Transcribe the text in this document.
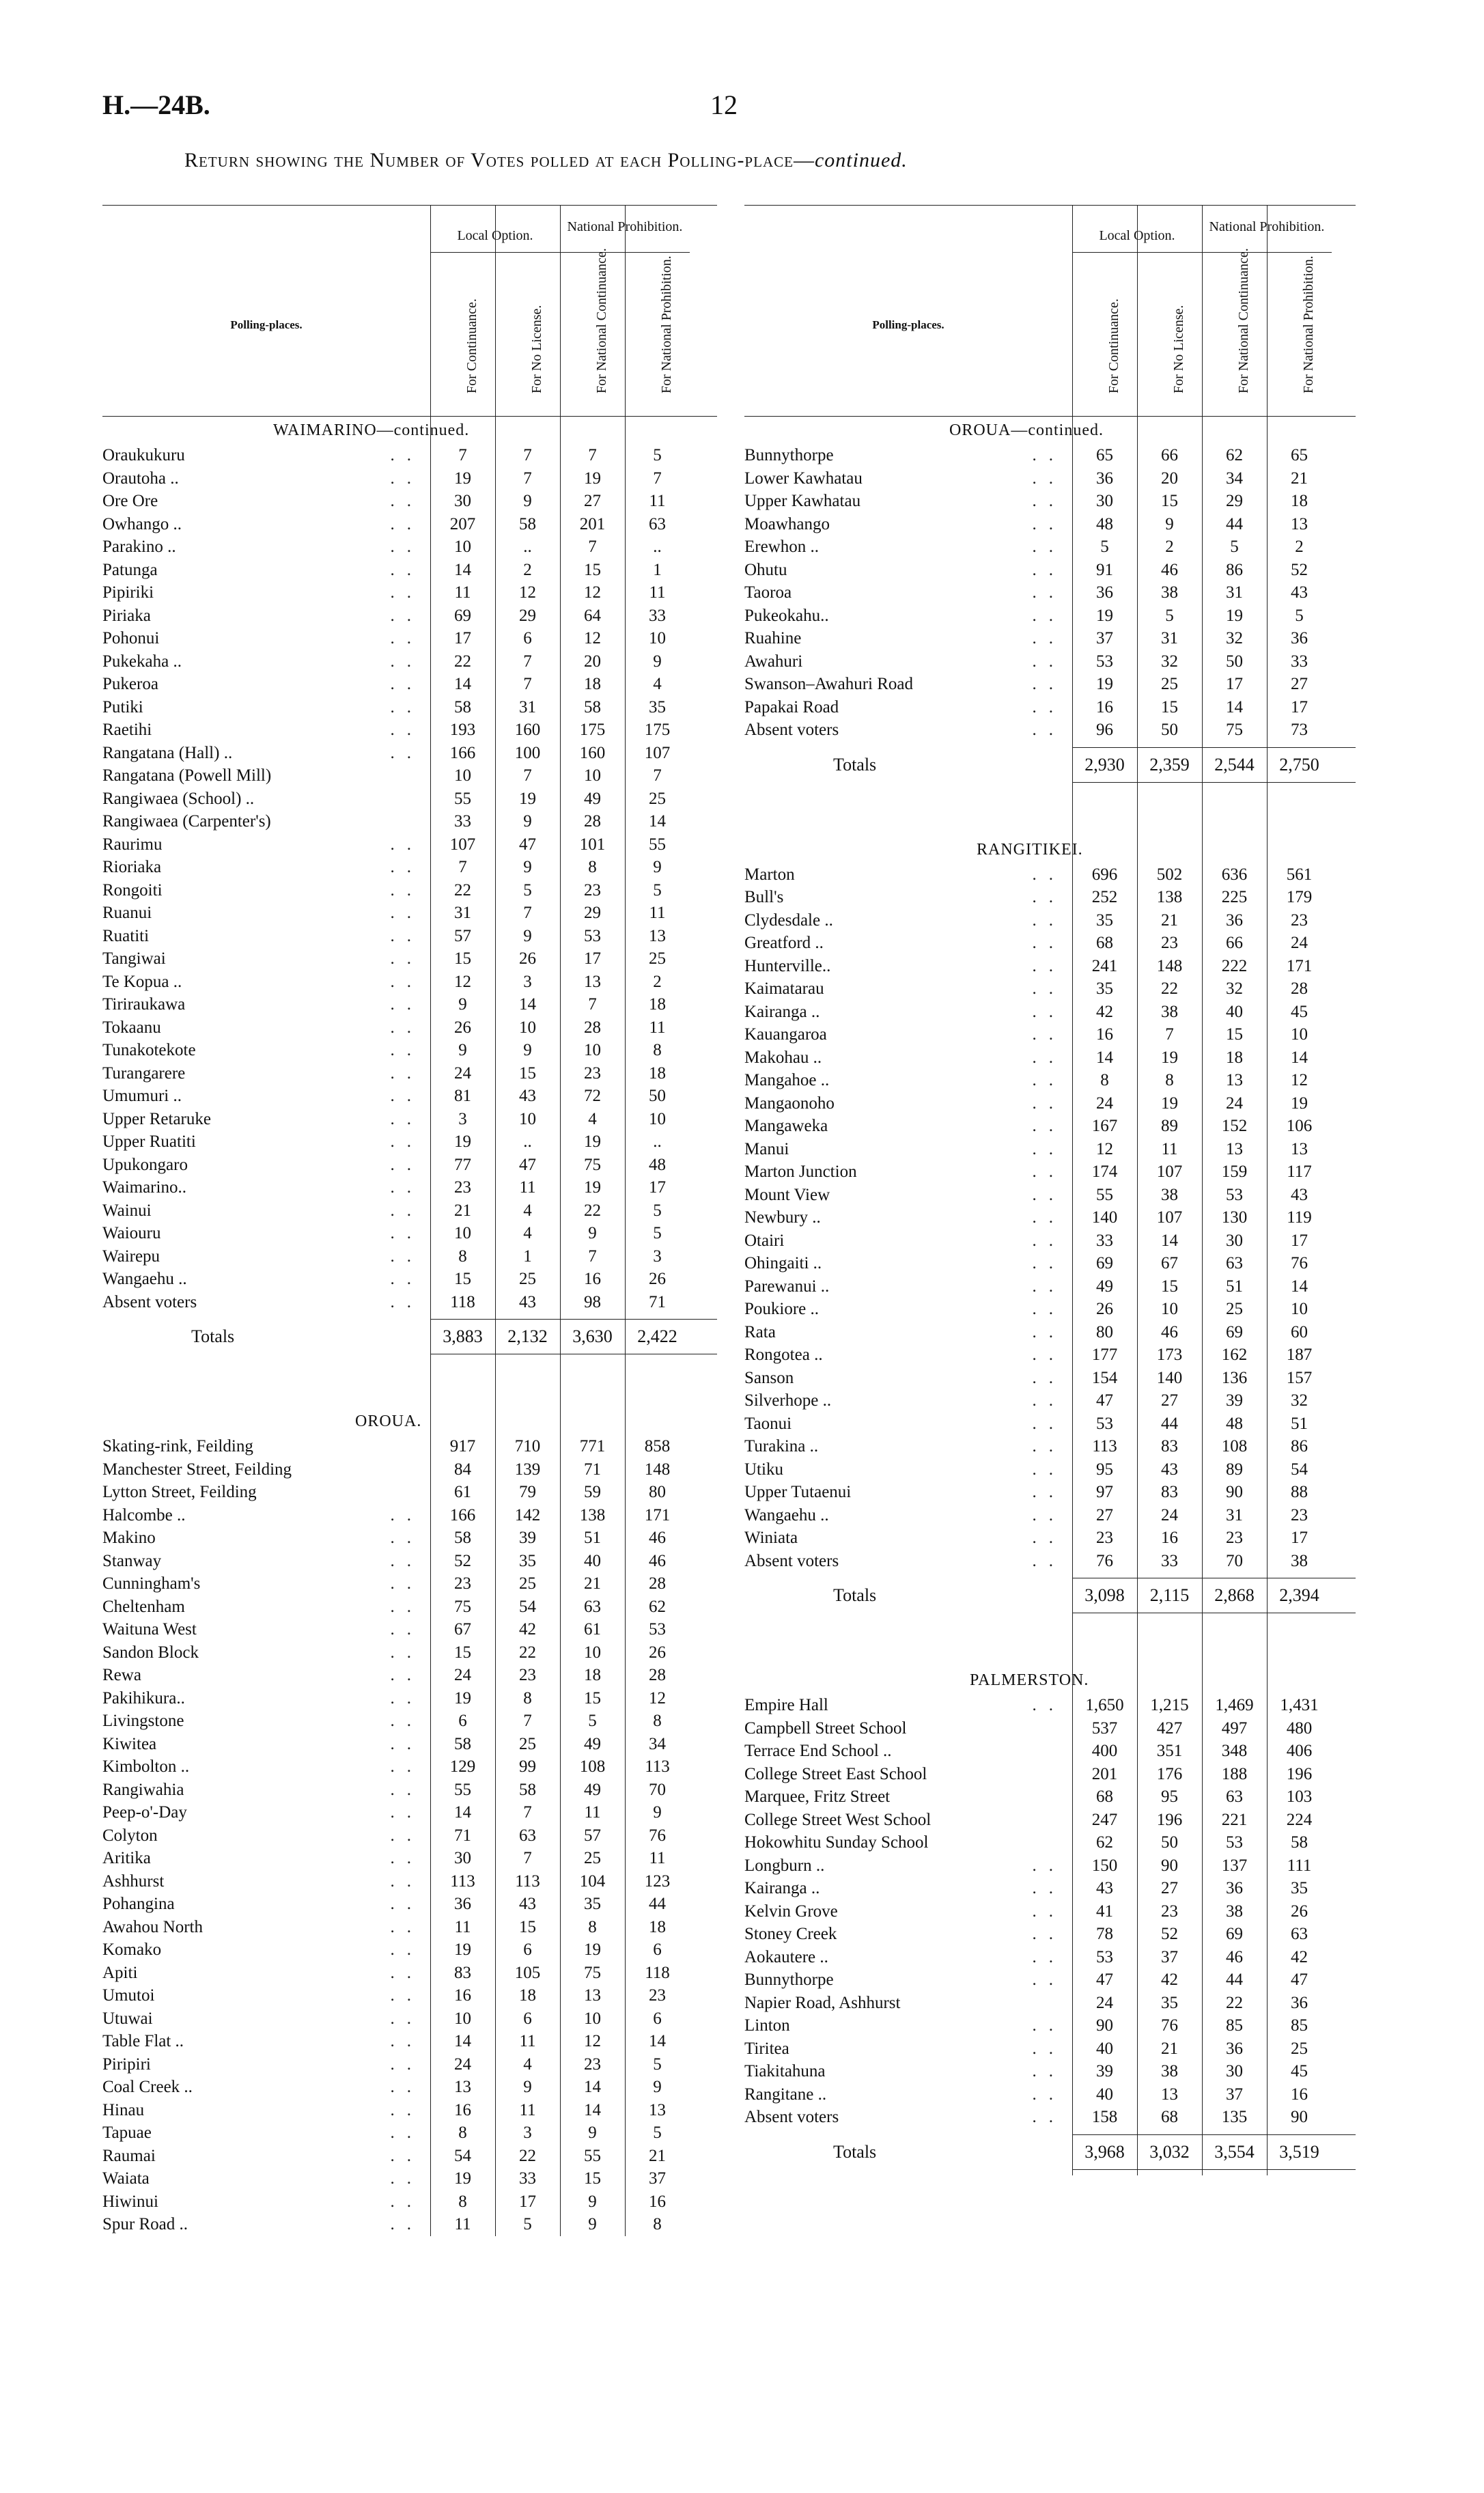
H.—24B.	12
Return showing the Number of Votes polled at each Polling-place—continued.
Polling-places.
Local Option.
National Prohibition.
For Continuance.	For No License.	For National Continuance.	For National Prohibition.
WAIMARINO—continued.
Oraukukuru	..	7	7	7	5
Orautoha ..	..	19	7	19	7
Ore Ore	..	30	9	27	11
Owhango ..	..	207	58	201	63
Parakino ..	..	10	..	7	..
Patunga	..	14	2	15	1
Pipiriki	..	11	12	12	11
Piriaka	..	69	29	64	33
Pohonui	..	17	6	12	10
Pukekaha ..	..	22	7	20	9
Pukeroa	..	14	7	18	4
Putiki	..	58	31	58	35
Raetihi	..	193	160	175	175
Rangatana (Hall) ..	..	166	100	160	107
Rangatana (Powell Mill)	10	7	10	7
Rangiwaea (School) ..	55	19	49	25
Rangiwaea (Carpenter's)	33	9	28	14
Raurimu	..	107	47	101	55
Rioriaka	..	7	9	8	9
Rongoiti	..	22	5	23	5
Ruanui	..	31	7	29	11
Ruatiti	..	57	9	53	13
Tangiwai	..	15	26	17	25
Te Kopua ..	..	12	3	13	2
Tiriraukawa	..	9	14	7	18
Tokaanu	..	26	10	28	11
Tunakotekote	..	9	9	10	8
Turangarere	..	24	15	23	18
Umumuri ..	..	81	43	72	50
Upper Retaruke	..	3	10	4	10
Upper Ruatiti	..	19	..	19	..
Upukongaro	..	77	47	75	48
Waimarino..	..	23	11	19	17
Wainui	..	21	4	22	5
Waiouru	..	10	4	9	5
Wairepu	..	8	1	7	3
Wangaehu ..	..	15	25	16	26
Absent voters	..	118	43	98	71
Totals	3,883	2,132	3,630	2,422
OROUA.
Skating-rink, Feilding	917	710	771	858
Manchester Street, Feilding	84	139	71	148
Lytton Street, Feilding	61	79	59	80
Halcombe ..	..	166	142	138	171
Makino	..	58	39	51	46
Stanway	..	52	35	40	46
Cunningham's	..	23	25	21	28
Cheltenham	..	75	54	63	62
Waituna West	..	67	42	61	53
Sandon Block	..	15	22	10	26
Rewa	..	24	23	18	28
Pakihikura..	..	19	8	15	12
Livingstone	..	6	7	5	8
Kiwitea	..	58	25	49	34
Kimbolton ..	..	129	99	108	113
Rangiwahia	..	55	58	49	70
Peep-o'-Day	..	14	7	11	9
Colyton	..	71	63	57	76
Aritika	..	30	7	25	11
Ashhurst	..	113	113	104	123
Pohangina	..	36	43	35	44
Awahou North	..	11	15	8	18
Komako	..	19	6	19	6
Apiti	..	83	105	75	118
Umutoi	..	16	18	13	23
Utuwai	..	10	6	10	6
Table Flat ..	..	14	11	12	14
Piripiri	..	24	4	23	5
Coal Creek ..	..	13	9	14	9
Hinau	..	16	11	14	13
Tapuae	..	8	3	9	5
Raumai	..	54	22	55	21
Waiata	..	19	33	15	37
Hiwinui	..	8	17	9	16
Spur Road ..	..	11	5	9	8
Polling-places.
Local Option.
National Prohibition.
For Continuance.	For No License.	For National Continuance.	For National Prohibition.
OROUA—continued.
Bunnythorpe	..	65	66	62	65
Lower Kawhatau	..	36	20	34	21
Upper Kawhatau	..	30	15	29	18
Moawhango	..	48	9	44	13
Erewhon ..	..	5	2	5	2
Ohutu	..	91	46	86	52
Taoroa	..	36	38	31	43
Pukeokahu..	..	19	5	19	5
Ruahine	..	37	31	32	36
Awahuri	..	53	32	50	33
Swanson–Awahuri Road	..	19	25	17	27
Papakai Road	..	16	15	14	17
Absent voters	..	96	50	75	73
Totals	2,930	2,359	2,544	2,750
RANGITIKEI.
Marton	..	696	502	636	561
Bull's	..	252	138	225	179
Clydesdale ..	..	35	21	36	23
Greatford ..	..	68	23	66	24
Hunterville..	..	241	148	222	171
Kaimatarau	..	35	22	32	28
Kairanga ..	..	42	38	40	45
Kauangaroa	..	16	7	15	10
Makohau ..	..	14	19	18	14
Mangahoe ..	..	8	8	13	12
Mangaonoho	..	24	19	24	19
Mangaweka	..	167	89	152	106
Manui	..	12	11	13	13
Marton Junction	..	174	107	159	117
Mount View	..	55	38	53	43
Newbury ..	..	140	107	130	119
Otairi	..	33	14	30	17
Ohingaiti ..	..	69	67	63	76
Parewanui ..	..	49	15	51	14
Poukiore ..	..	26	10	25	10
Rata	..	80	46	69	60
Rongotea ..	..	177	173	162	187
Sanson	..	154	140	136	157
Silverhope ..	..	47	27	39	32
Taonui	..	53	44	48	51
Turakina ..	..	113	83	108	86
Utiku	..	95	43	89	54
Upper Tutaenui	..	97	83	90	88
Wangaehu ..	..	27	24	31	23
Winiata	..	23	16	23	17
Absent voters	..	76	33	70	38
Totals	3,098	2,115	2,868	2,394
PALMERSTON.
Empire Hall	..	1,650	1,215	1,469	1,431
Campbell Street School	537	427	497	480
Terrace End School ..	400	351	348	406
College Street East School	201	176	188	196
Marquee, Fritz Street	68	95	63	103
College Street West School	247	196	221	224
Hokowhitu Sunday School	62	50	53	58
Longburn ..	..	150	90	137	111
Kairanga ..	..	43	27	36	35
Kelvin Grove	..	41	23	38	26
Stoney Creek	..	78	52	69	63
Aokautere ..	..	53	37	46	42
Bunnythorpe	..	47	42	44	47
Napier Road, Ashhurst	24	35	22	36
Linton	..	90	76	85	85
Tiritea	..	40	21	36	25
Tiakitahuna	..	39	38	30	45
Rangitane ..	..	40	13	37	16
Absent voters	..	158	68	135	90
Totals	3,968	3,032	3,554	3,519
